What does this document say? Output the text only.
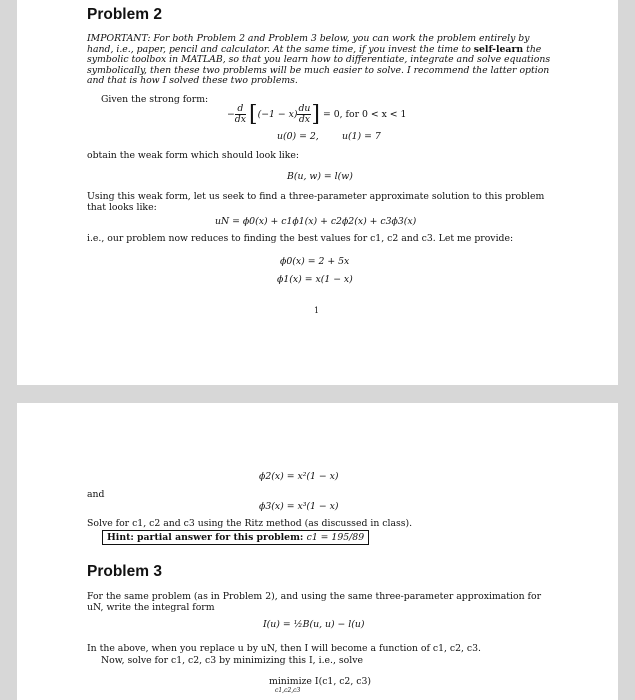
Problem 2
IMPORTANT: For both Problem 2 and Problem 3 below, you can work the problem entirely by hand, i.e., paper, pencil and calculator. At the same time, if you invest the time to self-learn the symbolic toolbox in MATLAB, so that you learn how to differentiate, integrate and solve equations symbolically, then these two problems will be much easier to solve. I recommend the latter option and that is how I solved these two problems.
Given the strong form:
− $\frac{d}{dx} [(-1 - x) \frac{du}{dx}$ ] = 0, for 0 < x < 1
u(0) = 2,	u(1) = 7
obtain the weak form which should look like:
B(u, w) = l(w)
Using this weak form, let us seek to find a three-parameter approximate solution to this problem that looks like:
uN = ϕ0(x) + c1ϕ1(x) + c2ϕ2(x) + c3ϕ3(x)
i.e., our problem now reduces to finding the best values for c1, c2 and c3. Let me provide:
ϕ0(x) = 2 + 5x
ϕ1(x) = x(1 − x)
1
ϕ2(x) = x²(1 − x)
and
ϕ3(x) = x³(1 − x)
Solve for c1, c2 and c3 using the Ritz method (as discussed in class).
Hint: partial answer for this problem: c1 = 195/89
Problem 3
For the same problem (as in Problem 2), and using the same three-parameter approximation for uN, write the integral form
I(u) = ½B(u, u) − l(u)
In the above, when you replace u by uN, then I will become a function of c1, c2, c3.
Now, solve for c1, c2, c3 by minimizing this I, i.e., solve
minimize I(c1, c2, c3)
c1,c2,c3
